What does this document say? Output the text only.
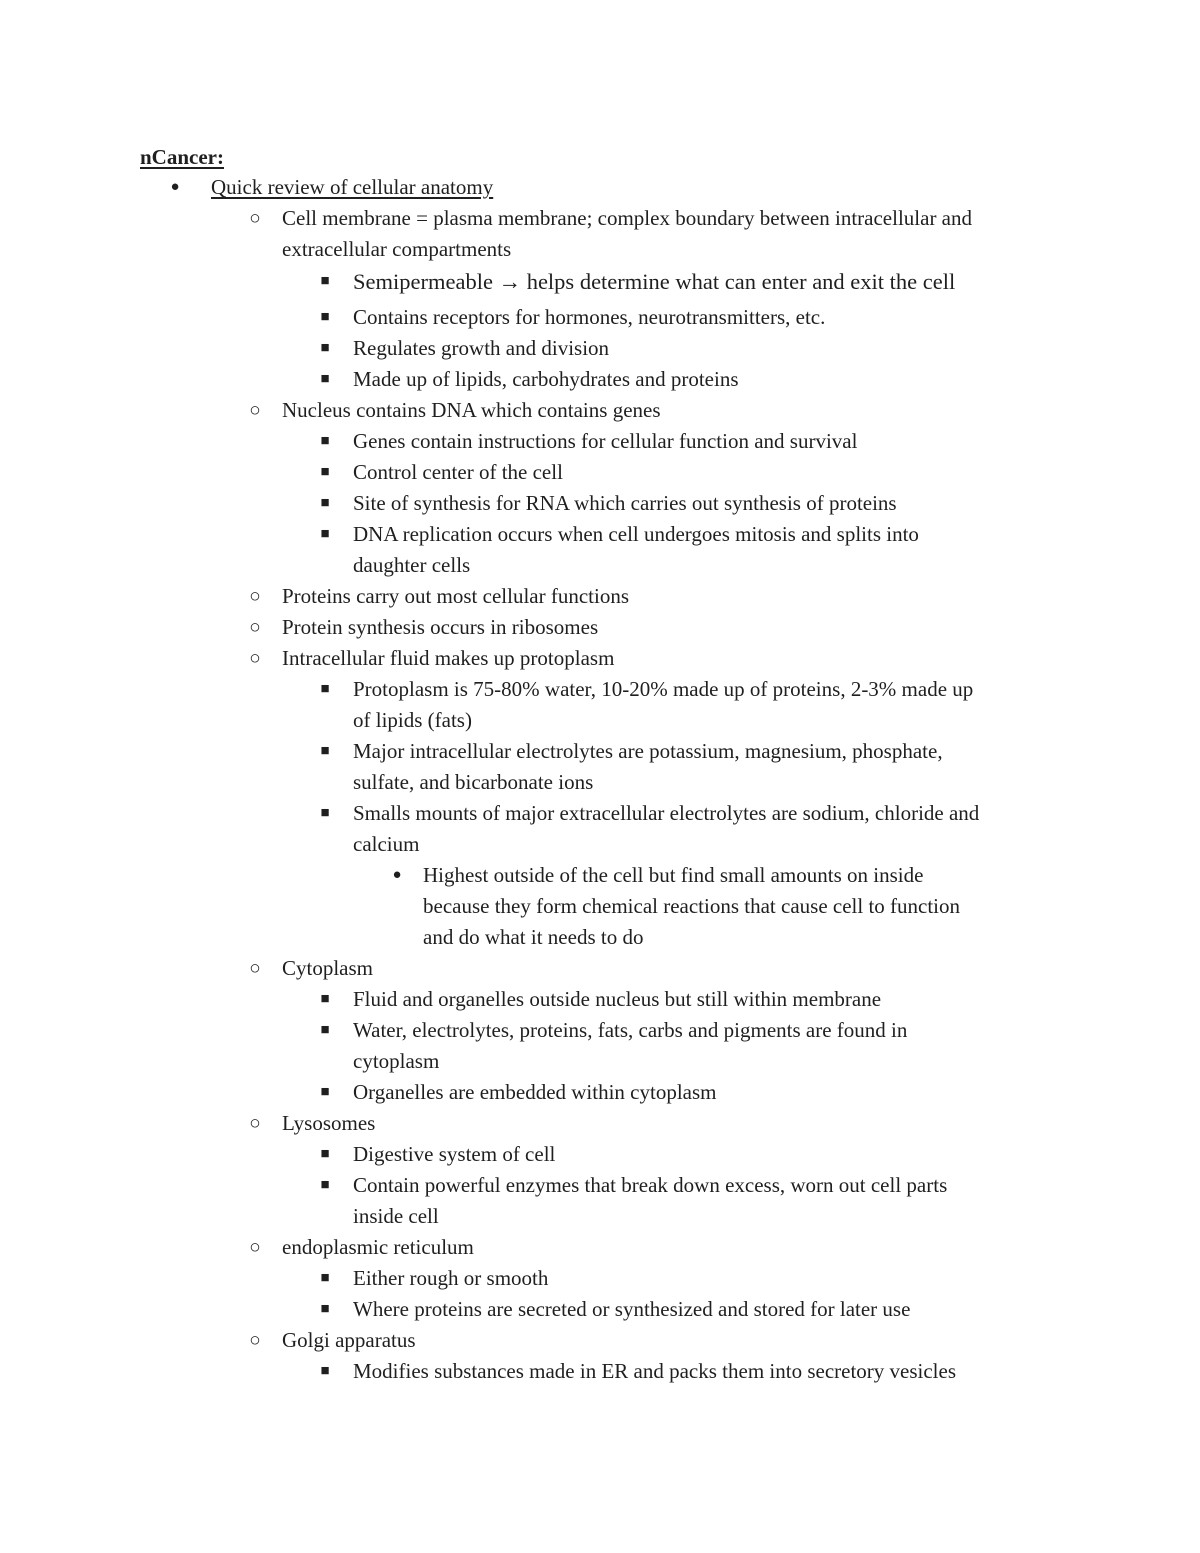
nCancer:
● Quick review of cellular anatomy
○ Cell membrane = plasma membrane; complex boundary between intracellular and
extracellular compartments
■ Semipermeable → helps determine what can enter and exit the cell
■ Contains receptors for hormones, neurotransmitters, etc.
■ Regulates growth and division
■ Made up of lipids, carbohydrates and proteins
○ Nucleus contains DNA which contains genes
■ Genes contain instructions for cellular function and survival
■ Control center of the cell
■ Site of synthesis for RNA which carries out synthesis of proteins
■ DNA replication occurs when cell undergoes mitosis and splits into
daughter cells
○ Proteins carry out most cellular functions
○ Protein synthesis occurs in ribosomes
○ Intracellular fluid makes up protoplasm
■ Protoplasm is 75-80% water, 10-20% made up of proteins, 2-3% made up
of lipids (fats)
■ Major intracellular electrolytes are potassium, magnesium, phosphate,
sulfate, and bicarbonate ions
■ Smalls mounts of major extracellular electrolytes are sodium, chloride and
calcium
● Highest outside of the cell but find small amounts on inside
because they form chemical reactions that cause cell to function
and do what it needs to do
○ Cytoplasm
■ Fluid and organelles outside nucleus but still within membrane
■ Water, electrolytes, proteins, fats, carbs and pigments are found in
cytoplasm
■ Organelles are embedded within cytoplasm
○ Lysosomes
■ Digestive system of cell
■ Contain powerful enzymes that break down excess, worn out cell parts
inside cell
○ endoplasmic reticulum
■ Either rough or smooth
■ Where proteins are secreted or synthesized and stored for later use
○ Golgi apparatus
■ Modifies substances made in ER and packs them into secretory vesicles
